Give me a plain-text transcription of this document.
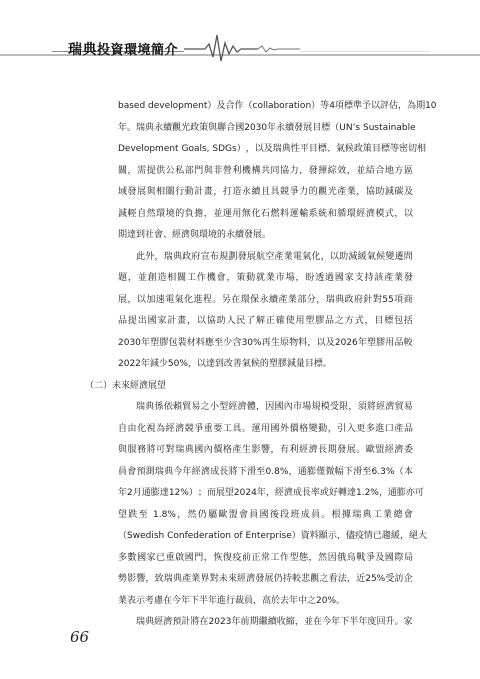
瑞典投資環境簡介
based
development ） 及 合 作 （ collaboration ） 等 4 項 標 準 予 以 評 估 ， 為 期 10
年 。 瑞 典 永 續 觀 光 政 策 與 聯 合 國 2030 年 永 續 發 展 目 標 （ UN’s
Sustainable
Development
Goals,
SDGs ） ， 以 及 瑞 典 性 平 目 標 、 氣 候 政 策 目 標 等 密 切 相
關 ， 需 提 供 公 私 部 門 與 非 營 利 機 構 共 同 協 力 ， 發 揮 綜 效 ， 並 結 合 地 方 區
域 發 展 與 相 關 行 動 計 畫 ， 打 造 永 續 且 具 競 爭 力 的 觀 光 產 業 ， 協 助 減 碳 及
減 輕 自 然 環 境 的 負 擔 ， 並 運 用 無 化 石 燃 料 運 輸 系 統 和 循 環 經 濟 模 式 ， 以
期達到社會、經濟與環境的永續發展。
此 外 ， 瑞 典 政 府 宣 布 規 劃 發 展 航 空 產 業 電 氣 化 ， 以 助 減 緩 氣 候 變 遷 問
題 ， 並 創 造 相 關 工 作 機 會 ， 策 動 就 業 市 場 ， 盼 透 過 國 家 支 持 該 產 業 發
展 ， 以 加 速 電 氣 化 進 程 。 另 在 環 保 永 續 產 業 部 分 ， 瑞 典 政 府 針 對 55 項 商
品 提 出 國 家 計 畫 ， 以 協 助 人 民 了 解 正 確 使 用 塑 膠 品 之 方 式 ， 目 標 包 括
2030 年 塑 膠 包 裝 材 料 應 至 少 含 30% 再 生 原 物 料 ， 以 及 2026 年 塑 膠 用 品 較
2022年減少50%，以達到改善氣候的塑膠減量目標。
（二）未來經濟展望
瑞 典 係 依 賴 貿 易 之 小 型 經 濟 體 ， 因 國 內 市 場 規 模 受 限 ， 須 將 經 濟 貿 易
自 由 化 視 為 經 濟 競 爭 重 要 工 具 。 運 用 國 外 價 格 變 動 ， 引 入 更 多 進 口 產 品
與 服 務 將 可 對 瑞 典 國 內 價 格 產 生 影 響 ， 有 利 經 濟 長 期 發 展 。 歐 盟 經 濟 委
員 會 預 測 瑞 典 今 年 經 濟 成 長 將 下 滑 至 0.8% ， 通 膨 僅 微 幅 下 滑 至 6.3% （ 本
年 2 月 通 膨 達 12% ） ； 而 展 望 2024 年 ， 經 濟 成 長 率 或 好 轉 達 1.2% ， 通 膨 亦 可
望 跌 至
1.8% ， 然 仍 屬 歐 盟 會 員 國 後 段 班 成 員 。 根 據 瑞 典 工 業 總 會
（ Swedish
Confederation
of
Enterprise ） 資 料 顯 示 ， 儘 疫 情 已 趨 緩 ， 絕 大
多 數 國 家 已 重 啟 國 門 ， 恢 復 疫 前 正 常 工 作 型 態 ， 然 因 俄 烏 戰 爭 及 國 際 局
勢 影 響 ， 致 瑞 典 產 業 界 對 未 來 經 濟 發 展 仍 持 較 悲 觀 之 看 法 ， 近 25% 受 訪 企
業表示考慮在今年下半年進行裁員，高於去年中之20%。
瑞 典 經 濟 預 計 將 在 2023 年 前 期 繼 續 收 縮 ， 並 在 今 年 下 半 年 度 回 升 。 家
66
